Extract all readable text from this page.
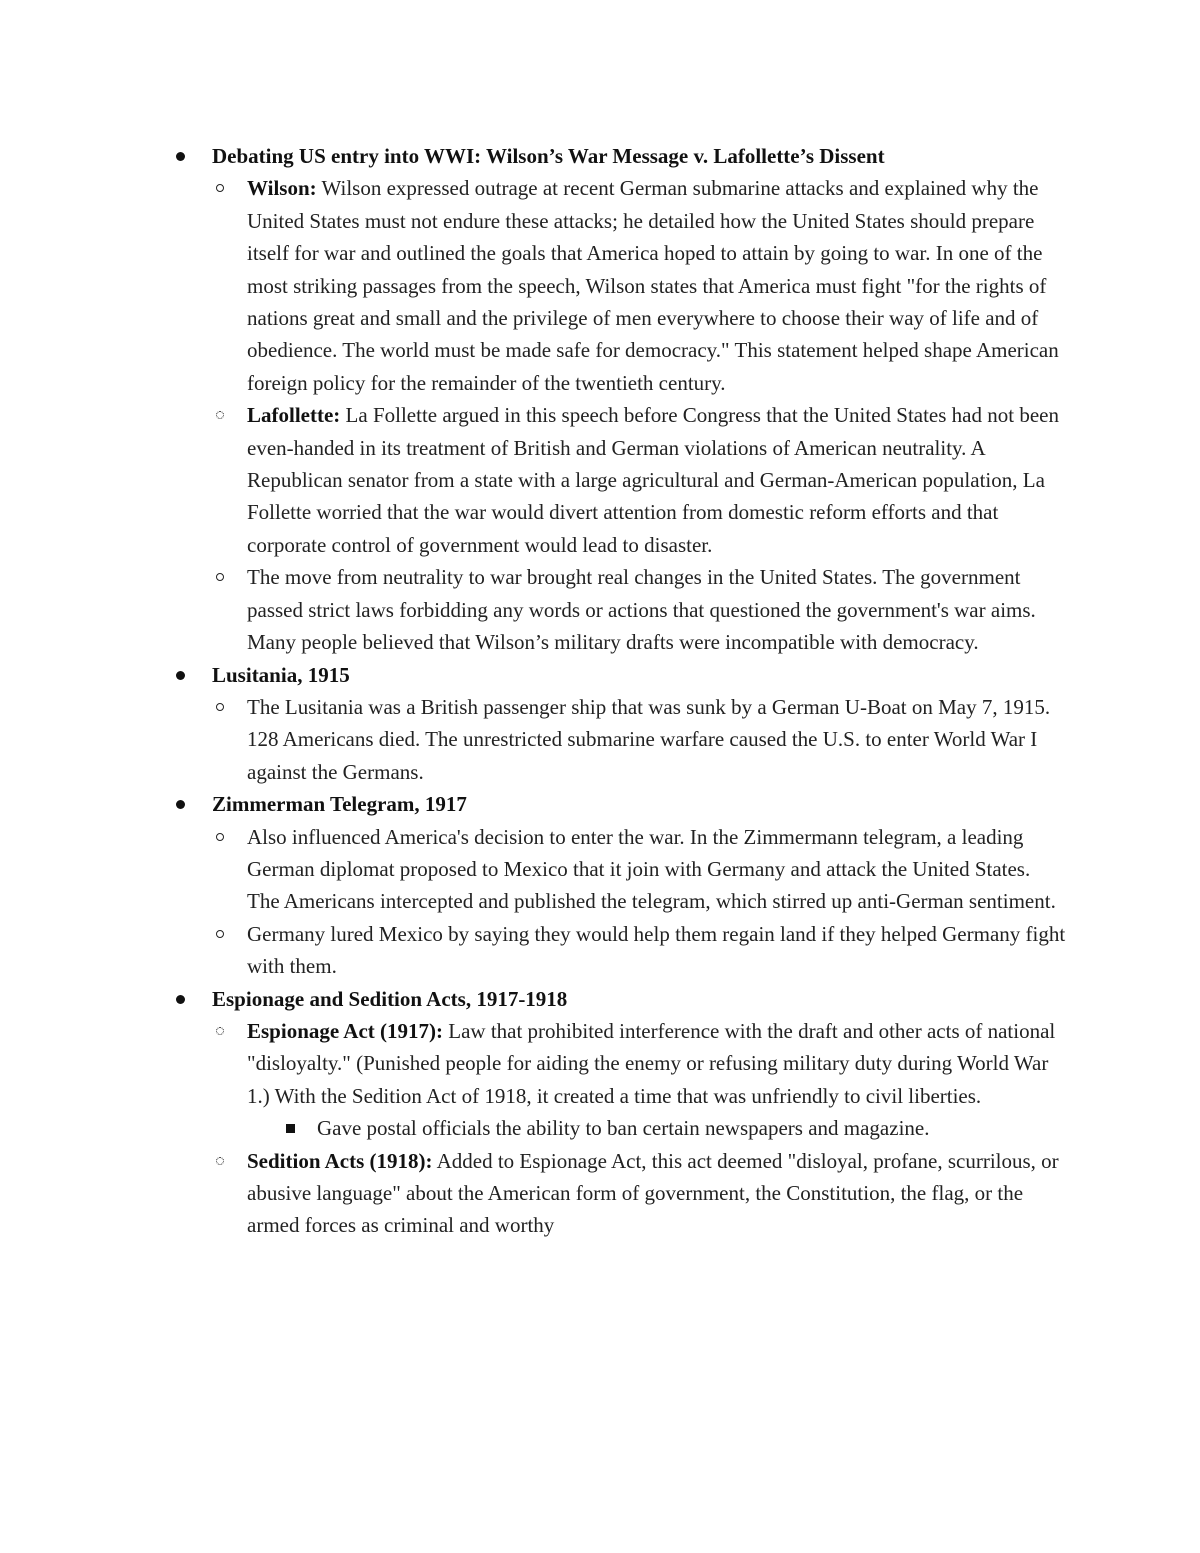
Debating US entry into WWI: Wilson’s War Message v. Lafollette’s Dissent
Wilson: Wilson expressed outrage at recent German submarine attacks and explained why the United States must not endure these attacks; he detailed how the United States should prepare itself for war and outlined the goals that America hoped to attain by going to war. In one of the most striking passages from the speech, Wilson states that America must fight "for the rights of nations great and small and the privilege of men everywhere to choose their way of life and of obedience. The world must be made safe for democracy." This statement helped shape American foreign policy for the remainder of the twentieth century.
Lafollette: La Follette argued in this speech before Congress that the United States had not been even-handed in its treatment of British and German violations of American neutrality. A Republican senator from a state with a large agricultural and German-American population, La Follette worried that the war would divert attention from domestic reform efforts and that corporate control of government would lead to disaster.
The move from neutrality to war brought real changes in the United States. The government passed strict laws forbidding any words or actions that questioned the government's war aims. Many people believed that Wilson’s military drafts were incompatible with democracy.
Lusitania, 1915
The Lusitania was a British passenger ship that was sunk by a German U-Boat on May 7, 1915. 128 Americans died. The unrestricted submarine warfare caused the U.S. to enter World War I against the Germans.
Zimmerman Telegram, 1917
Also influenced America's decision to enter the war. In the Zimmermann telegram, a leading German diplomat proposed to Mexico that it join with Germany and attack the United States. The Americans intercepted and published the telegram, which stirred up anti-German sentiment.
Germany lured Mexico by saying they would help them regain land if they helped Germany fight with them.
Espionage and Sedition Acts, 1917-1918
Espionage Act (1917): Law that prohibited interference with the draft and other acts of national "disloyalty." (Punished people for aiding the enemy or refusing military duty during World War 1.) With the Sedition Act of 1918, it created a time that was unfriendly to civil liberties.
Gave postal officials the ability to ban certain newspapers and magazine.
Sedition Acts (1918): Added to Espionage Act, this act deemed "disloyal, profane, scurrilous, or abusive language" about the American form of government, the Constitution, the flag, or the armed forces as criminal and worthy
